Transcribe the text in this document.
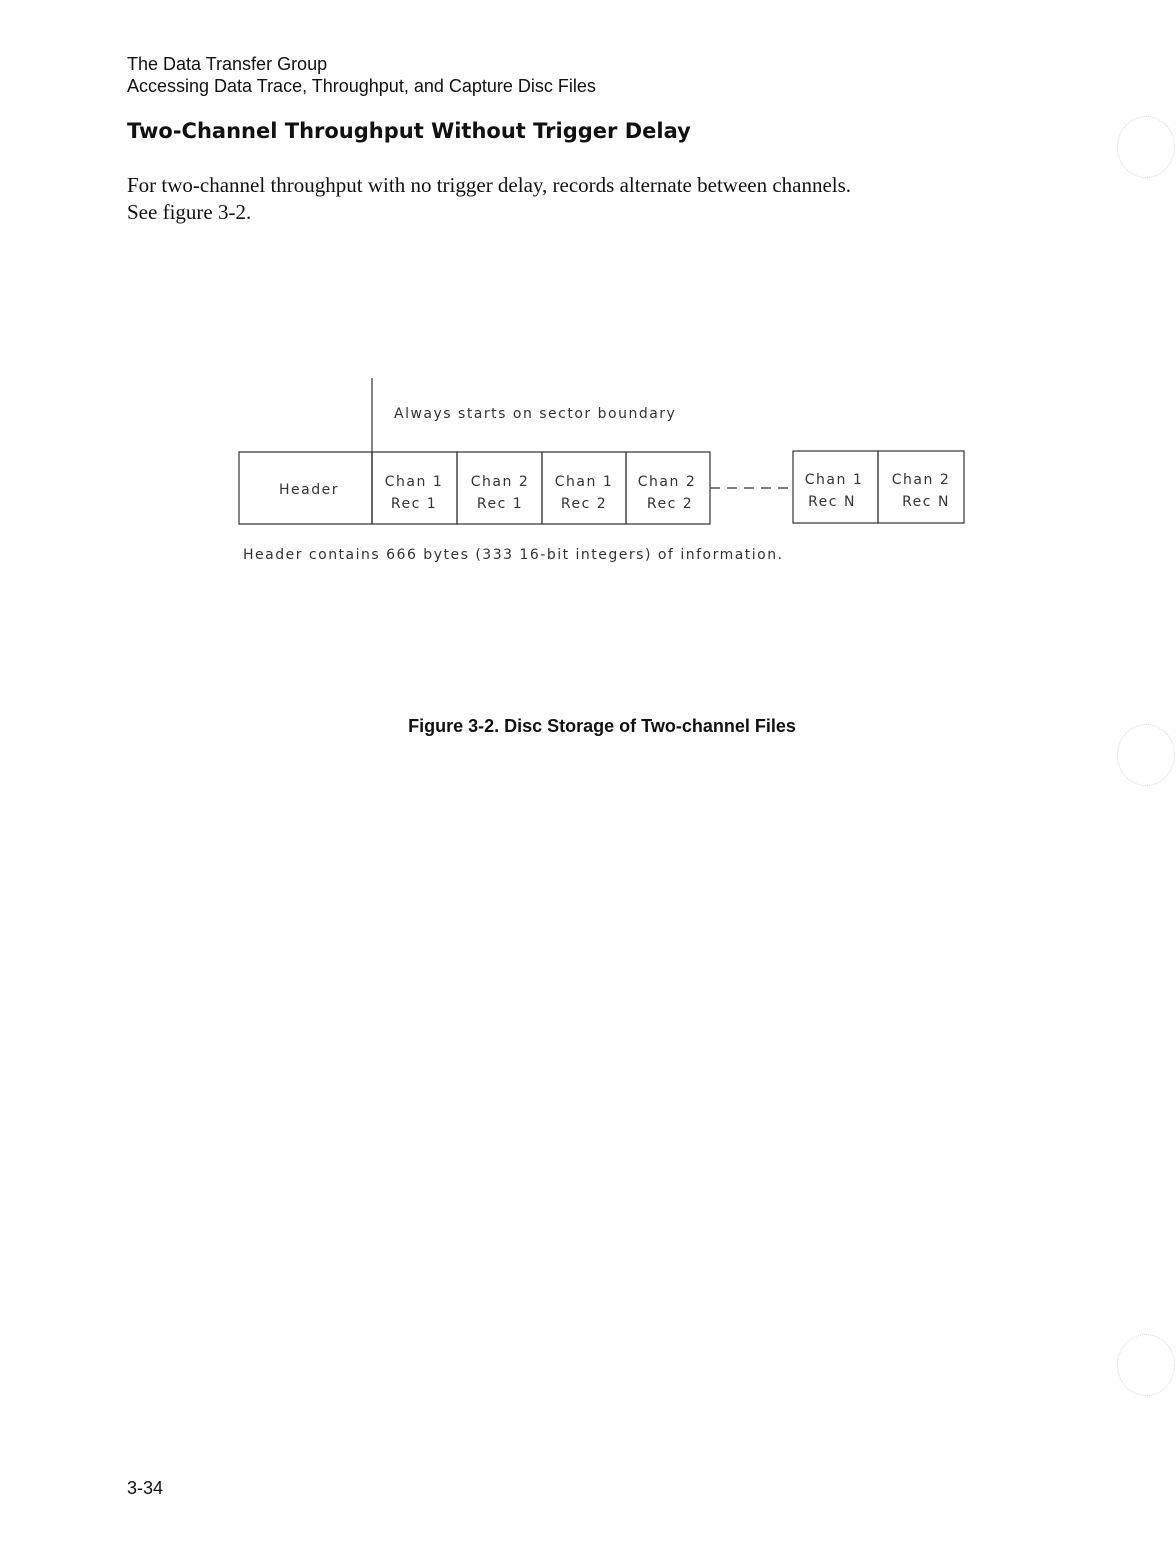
The Data Transfer Group
Accessing Data Trace, Throughput, and Capture Disc Files
Two-Channel Throughput Without Trigger Delay
For two-channel throughput with no trigger delay, records alternate between channels.
See figure 3-2.
Always starts on sector boundary
Header	Chan 1
Rec 1
Chan 2
Rec 1
Chan 1
Rec 2
Chan 2
Rec 2
Chan 1
Rec N
Chan 2
Rec N
Header contains 666 bytes (333 16-bit integers) of information.
Figure 3-2. Disc Storage of Two-channel Files
3-34
